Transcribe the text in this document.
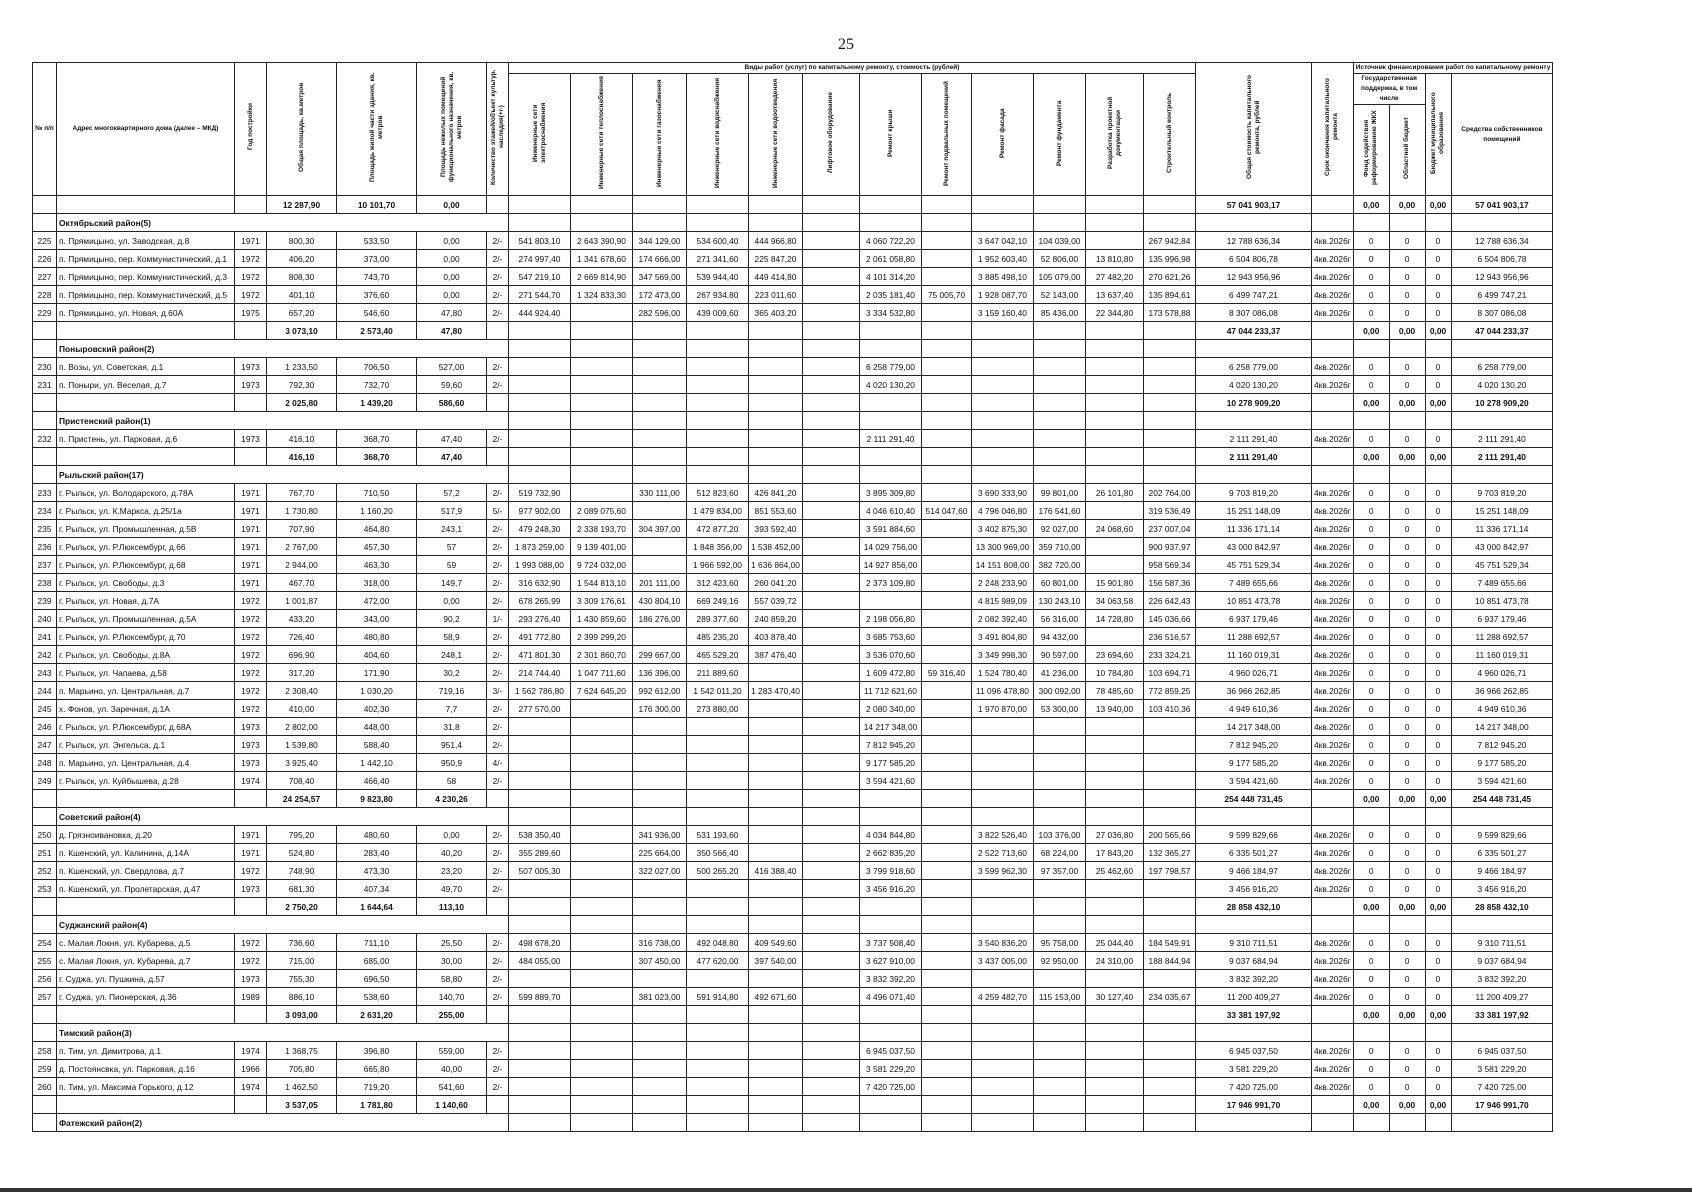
25
№ п/п	Адрес многоквартирного дома (далее – МКД)	Год постройки	Общая площадь, кв.метров	Площадь жилой части здания, кв. метров	Площадь нежилых помещений функционального назначения, кв. метров	Количество этажей/объект культур. наследия(+/-)	Виды работ (услуг) по капитальному ремонту, стоимость (рублей)												Общая стоимость капитального ремонта, рублей	Срок окончания капитального ремонта	Источник финансирования работ по капитальному ремонту			
							Инженерные сети электроснабжения	Инженерные сети теплоснабжения	Инженерные сети газоснабжения	Инженерные сети водоснабжения	Инженерные сети водоотведения	Лифтовое оборудование	Ремонт крыши	Ремонт подвальных помещений	Ремонт фасада	Ремонт фундамента	Разработка проектной документации	Строительный контроль			Государственная поддержка, в том числе		Бюджет муниципального образования	Средства собственников помещений
																					Фонд содействия реформированию ЖКХ	Областной бюджет		
			12 287,90	10 101,70	0,00														57 041 903,17		0,00	0,00	0,00	57 041 903,17
	Октябрьский район(5)																							
225	п. Прямицыно, ул. Заводская, д.8	1971	800,30	533,50	0,00	2/-	541 803,10	2 643 390,90	344 129,00	534 600,40	444 966,80		4 060 722,20		3 647 042,10	104 039,00		267 942,84	12 788 636,34	4кв.2026г	0	0	0	12 788 636,34
226	п. Прямицыно, пер. Коммунистический, д.1	1972	406,20	373,00	0,00	2/-	274 997,40	1 341 678,60	174 666,00	271 341,60	225 847,20		2 061 058,80		1 952 603,40	52 806,00	13 810,80	135 996,98	6 504 806,78	4кв.2026г	0	0	0	6 504 806,78
227	п. Прямицыно, пер. Коммунистический, д.3	1972	808,30	743,70	0,00	2/-	547 219,10	2 669 814,90	347 569,00	539 944,40	449 414,80		4 101 314,20		3 885 498,10	105 079,00	27 482,20	270 621,26	12 943 956,96	4кв.2026г	0	0	0	12 943 956,96
228	п. Прямицыно, пер. Коммунистический, д.5	1972	401,10	376,60	0,00	2/-	271 544,70	1 324 833,30	172 473,00	267 934,80	223 011,60		2 035 181,40	75 005,70	1 928 087,70	52 143,00	13 637,40	135 894,61	6 499 747,21	4кв.2026г	0	0	0	6 499 747,21
229	п. Прямицыно, ул. Новая, д.60А	1975	657,20	546,60	47,80	2/-	444 924,40		282 596,00	439 009,60	365 403,20		3 334 532,80		3 159 160,40	85 436,00	22 344,80	173 578,88	8 307 086,08	4кв.2026г	0	0	0	8 307 086,08
			3 073,10	2 573,40	47,80														47 044 233,37		0,00	0,00	0,00	47 044 233,37
	Поныровский район(2)																							
230	п. Возы, ул. Советская, д.1	1973	1 233,50	706,50	527,00	2/-							6 258 779,00						6 258 779,00	4кв.2026г	0	0	0	6 258 779,00
231	п. Поныри, ул. Веселая, д.7	1973	792,30	732,70	59,60	2/-							4 020 130,20						4 020 130,20	4кв.2026г	0	0	0	4 020 130,20
			2 025,80	1 439,20	586,60														10 278 909,20		0,00	0,00	0,00	10 278 909,20
	Пристенский район(1)																							
232	п. Пристень, ул. Парковая, д.6	1973	416,10	368,70	47,40	2/-							2 111 291,40						2 111 291,40	4кв.2026г	0	0	0	2 111 291,40
			416,10	368,70	47,40														2 111 291,40		0,00	0,00	0,00	2 111 291,40
	Рыльский район(17)																							
233	г. Рыльск, ул. Володарского, д.78А	1971	767,70	710,50	57,2	2/-	519 732,90		330 111,00	512 823,60	426 841,20		3 895 309,80		3 690 333,90	99 801,00	26 101,80	202 764,00	9 703 819,20	4кв.2026г	0	0	0	9 703 819,20
234	г. Рыльск, ул. К.Маркса, д.25/1а	1971	1 730,80	1 160,20	517,9	5/-	977 902,00	2 089 075,60		1 479 834,00	851 553,60		4 046 610,40	514 047,60	4 796 046,80	176 541,60		319 536,49	15 251 148,09	4кв.2026г	0	0	0	15 251 148,09
235	г. Рыльск, ул. Промышленная, д.5В	1971	707,90	464,80	243,1	2/-	479 248,30	2 338 193,70	304 397,00	472 877,20	393 592,40		3 591 884,60		3 402 875,30	92 027,00	24 068,60	237 007,04	11 336 171,14	4кв.2026г	0	0	0	11 336 171,14
236	г. Рыльск, ул. Р.Люксембург, д.66	1971	2 767,00	457,30	57	2/-	1 873 259,00	9 139 401,00		1 848 356,00	1 538 452,00		14 029 756,00		13 300 969,00	359 710,00		900 937,97	43 000 842,97	4кв.2026г	0	0	0	43 000 842,97
237	г. Рыльск, ул. Р.Люксембург, д.68	1971	2 944,00	463,30	59	2/-	1 993 088,00	9 724 032,00		1 966 592,00	1 636 864,00		14 927 856,00		14 151 808,00	382 720,00		958 569,34	45 751 529,34	4кв.2026г	0	0	0	45 751 529,34
238	г. Рыльск, ул. Свободы, д.3	1971	467,70	318,00	149,7	2/-	316 632,90	1 544 813,10	201 111,00	312 423,60	260 041,20		2 373 109,80		2 248 233,90	60 801,00	15 901,80	156 587,36	7 489 655,66	4кв.2026г	0	0	0	7 489 655,66
239	г. Рыльск, ул. Новая, д.7А	1972	1 001,87	472,00	0,00	2/-	678 265,99	3 309 176,61	430 804,10	669 249,16	557 039,72				4 815 989,09	130 243,10	34 063,58	226 642,43	10 851 473,78	4кв.2026г	0	0	0	10 851 473,78
240	г. Рыльск, ул. Промышленная, д.5А	1972	433,20	343,00	90,2	1/-	293 276,40	1 430 859,60	186 276,00	289 377,60	240 859,20		2 198 056,80		2 082 392,40	56 316,00	14 728,80	145 036,66	6 937 179,46	4кв.2026г	0	0	0	6 937 179,46
241	г. Рыльск, ул. Р.Люксембург, д.70	1972	726,40	480,80	58,9	2/-	491 772,80	2 399 299,20		485 235,20	403 878,40		3 685 753,60		3 491 804,80	94 432,00		236 516,57	11 288 692,57	4кв.2026г	0	0	0	11 288 692,57
242	г. Рыльск, ул. Свободы, д.8А	1972	696,90	404,60	248,1	2/-	471 801,30	2 301 860,70	299 667,00	465 529,20	387 476,40		3 536 070,60		3 349 998,30	90 597,00	23 694,60	233 324,21	11 160 019,31	4кв.2026г	0	0	0	11 160 019,31
243	г. Рыльск, ул. Чапаева, д.58	1972	317,20	171,90	30,2	2/-	214 744,40	1 047 711,60	136 396,00	211 889,60			1 609 472,80	59 316,40	1 524 780,40	41 236,00	10 784,80	103 694,71	4 960 026,71	4кв.2026г	0	0	0	4 960 026,71
244	п. Марьино, ул. Центральная, д.7	1972	2 308,40	1 030,20	719,16	3/-	1 562 786,80	7 624 645,20	992 612,00	1 542 011,20	1 283 470,40		11 712 621,60		11 096 478,80	300 092,00	78 485,60	772 859,25	36 966 262,85	4кв.2026г	0	0	0	36 966 262,85
245	х. Фонов, ул. Заречная, д.1А	1972	410,00	402,30	7,7	2/-	277 570,00		176 300,00	273 880,00			2 080 340,00		1 970 870,00	53 300,00	13 940,00	103 410,36	4 949 610,36	4кв.2026г	0	0	0	4 949 610,36
246	г. Рыльск, ул. Р.Люксембург, д.68А	1973	2 802,00	448,00	31,8	2/-							14 217 348,00						14 217 348,00	4кв.2026г	0	0	0	14 217 348,00
247	г. Рыльск, ул. Энгельса, д.1	1973	1 539,80	588,40	951,4	2/-							7 812 945,20						7 812 945,20	4кв.2026г	0	0	0	7 812 945,20
248	п. Марьино, ул. Центральная, д.4	1973	3 925,40	1 442,10	950,9	4/-							9 177 585,20						9 177 585,20	4кв.2026г	0	0	0	9 177 585,20
249	г. Рыльск, ул. Куйбышева, д.28	1974	708,40	466,40	58	2/-							3 594 421,60						3 594 421,60	4кв.2026г	0	0	0	3 594 421,60
			24 254,57	9 823,80	4 230,26														254 448 731,45		0,00	0,00	0,00	254 448 731,45
	Советский район(4)																							
250	д. Грязноивановка, д.20	1971	795,20	480,60	0,00	2/-	538 350,40		341 936,00	531 193,60			4 034 844,80		3 822 526,40	103 376,00	27 036,80	200 565,66	9 599 829,66	4кв.2026г	0	0	0	9 599 829,66
251	п. Кшенский, ул. Калинина, д.14А	1971	524,80	283,40	40,20	2/-	355 289,60		225 664,00	350 566,40			2 662 835,20		2 522 713,60	68 224,00	17 843,20	132 365,27	6 335 501,27	4кв.2026г	0	0	0	6 335 501,27
252	п. Кшенский, ул. Свердлова, д.7	1972	748,90	473,30	23,20	2/-	507 005,30		322 027,00	500 265,20	416 388,40		3 799 918,60		3 599 962,30	97 357,00	25 462,60	197 798,57	9 466 184,97	4кв.2026г	0	0	0	9 466 184,97
253	п. Кшенский, ул. Пролетарская, д.47	1973	681,30	407,34	49,70	2/-							3 456 916,20						3 456 916,20	4кв.2026г	0	0	0	3 456 916,20
			2 750,20	1 644,64	113,10														28 858 432,10		0,00	0,00	0,00	28 858 432,10
	Суджанский район(4)																							
254	с. Малая Локня, ул. Кубарева, д.5	1972	736,60	711,10	25,50	2/-	498 678,20		316 738,00	492 048,80	409 549,60		3 737 508,40		3 540 836,20	95 758,00	25 044,40	184 549,91	9 310 711,51	4кв.2026г	0	0	0	9 310 711,51
255	с. Малая Локня, ул. Кубарева, д.7	1972	715,00	685,00	30,00	2/-	484 055,00		307 450,00	477 620,00	397 540,00		3 627 910,00		3 437 005,00	92 950,00	24 310,00	188 844,94	9 037 684,94	4кв.2026г	0	0	0	9 037 684,94
256	г. Суджа, ул. Пушкина, д.57	1973	755,30	696,50	58,80	2/-							3 832 392,20						3 832 392,20	4кв.2026г	0	0	0	3 832 392,20
257	г. Суджа, ул. Пионерская, д.36	1989	886,10	538,60	140,70	2/-	599 889,70		381 023,00	591 914,80	492 671,60		4 496 071,40		4 259 482,70	115 153,00	30 127,40	234 035,67	11 200 409,27	4кв.2026г	0	0	0	11 200 409,27
			3 093,00	2 631,20	255,00														33 381 197,92		0,00	0,00	0,00	33 381 197,92
	Тимский район(3)																							
258	п. Тим, ул. Димитрова, д.1	1974	1 368,75	396,80	559,00	2/-							6 945 037,50						6 945 037,50	4кв.2026г	0	0	0	6 945 037,50
259	д. Постоянсвка, ул. Парковая, д.16	1966	705,80	665,80	40,00	2/-							3 581 229,20						3 581 229,20	4кв.2026г	0	0	0	3 581 229,20
260	п. Тим, ул. Максима Горького, д.12	1974	1 462,50	719,20	541,60	2/-							7 420 725,00						7 420 725,00	4кв.2026г	0	0	0	7 420 725,00
			3 537,05	1 781,80	1 140,60														17 946 991,70		0,00	0,00	0,00	17 946 991,70
	Фатежский район(2)																							
